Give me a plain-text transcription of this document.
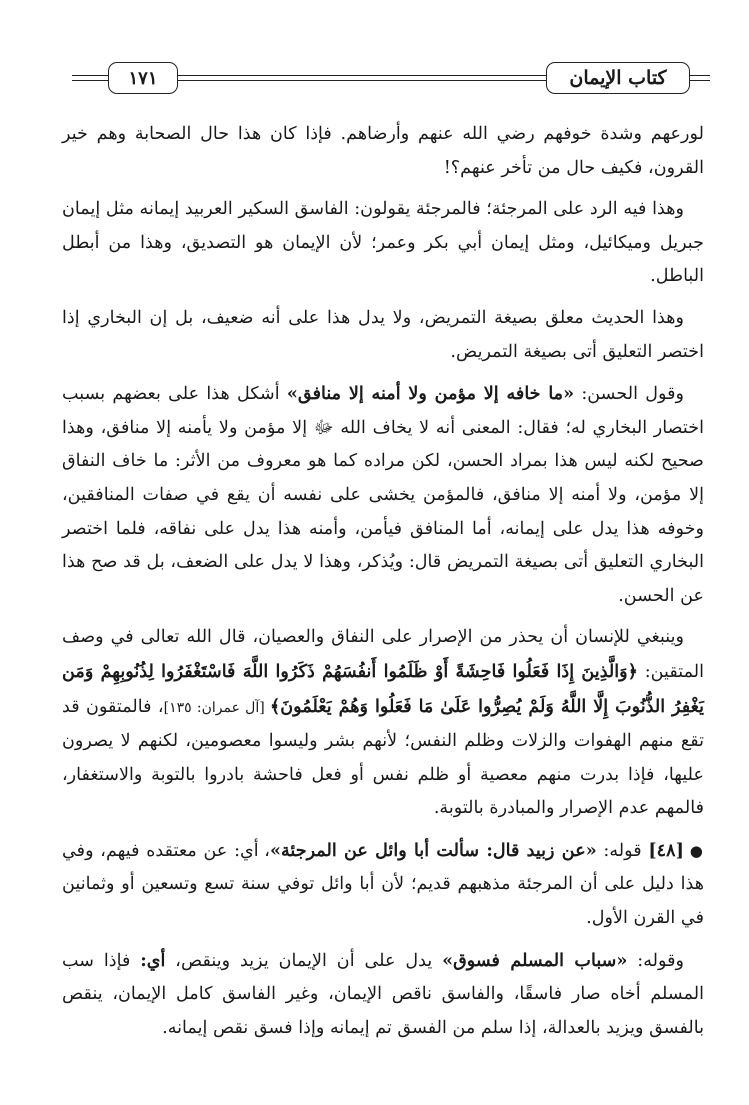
كتاب الإيمان
١٧١

لورعهم وشدة خوفهم رضي الله عنهم وأرضاهم. فإذا كان هذا حال الصحابة وهم خير القرون، فكيف حال من تأخر عنهم؟!

وهذا فيه الرد على المرجئة؛ فالمرجئة يقولون: الفاسق السكير العربيد إيمانه مثل إيمان جبريل وميكائيل، ومثل إيمان أبي بكر وعمر؛ لأن الإيمان هو التصديق، وهذا من أبطل الباطل.

وهذا الحديث معلق بصيغة التمريض، ولا يدل هذا على أنه ضعيف، بل إن البخاري إذا اختصر التعليق أتى بصيغة التمريض.

وقول الحسن: «ما خافه إلا مؤمن ولا أمنه إلا منافق» أشكل هذا على بعضهم بسبب اختصار البخاري له؛ فقال: المعنى أنه لا يخاف الله ﷻ إلا مؤمن ولا يأمنه إلا منافق، وهذا صحيح لكنه ليس هذا بمراد الحسن، لكن مراده كما هو معروف من الأثر: ما خاف النفاق إلا مؤمن، ولا أمنه إلا منافق، فالمؤمن يخشى على نفسه أن يقع في صفات المنافقين، وخوفه هذا يدل على إيمانه، أما المنافق فيأمن، وأمنه هذا يدل على نفاقه، فلما اختصر البخاري التعليق أتى بصيغة التمريض قال: ويُذكر، وهذا لا يدل على الضعف، بل قد صح هذا عن الحسن.

وينبغي للإنسان أن يحذر من الإصرار على النفاق والعصيان، قال الله تعالى في وصف المتقين: ﴿وَالَّذِينَ إِذَا فَعَلُوا فَاحِشَةً أَوْ ظَلَمُوا أَنفُسَهُمْ ذَكَرُوا اللَّهَ فَاسْتَغْفَرُوا لِذُنُوبِهِمْ وَمَن يَغْفِرُ الذُّنُوبَ إِلَّا اللَّهُ وَلَمْ يُصِرُّوا عَلَىٰ مَا فَعَلُوا وَهُمْ يَعْلَمُونَ﴾ [آل عمران: ١٣٥]، فالمتقون قد تقع منهم الهفوات والزلات وظلم النفس؛ لأنهم بشر وليسوا معصومين، لكنهم لا يصرون عليها، فإذا بدرت منهم معصية أو ظلم نفس أو فعل فاحشة بادروا بالتوبة والاستغفار، فالمهم عدم الإصرار والمبادرة بالتوبة.

● [٤٨] قوله: «عن زبيد قال: سألت أبا وائل عن المرجئة»، أي: عن معتقده فيهم، وفي هذا دليل على أن المرجئة مذهبهم قديم؛ لأن أبا وائل توفي سنة تسع وتسعين أو وثمانين في القرن الأول.

وقوله: «سباب المسلم فسوق» يدل على أن الإيمان يزيد وينقص، أي: فإذا سب المسلم أخاه صار فاسقًا، والفاسق ناقص الإيمان، وغير الفاسق كامل الإيمان، ينقص بالفسق ويزيد بالعدالة، إذا سلم من الفسق تم إيمانه وإذا فسق نقص إيمانه.
